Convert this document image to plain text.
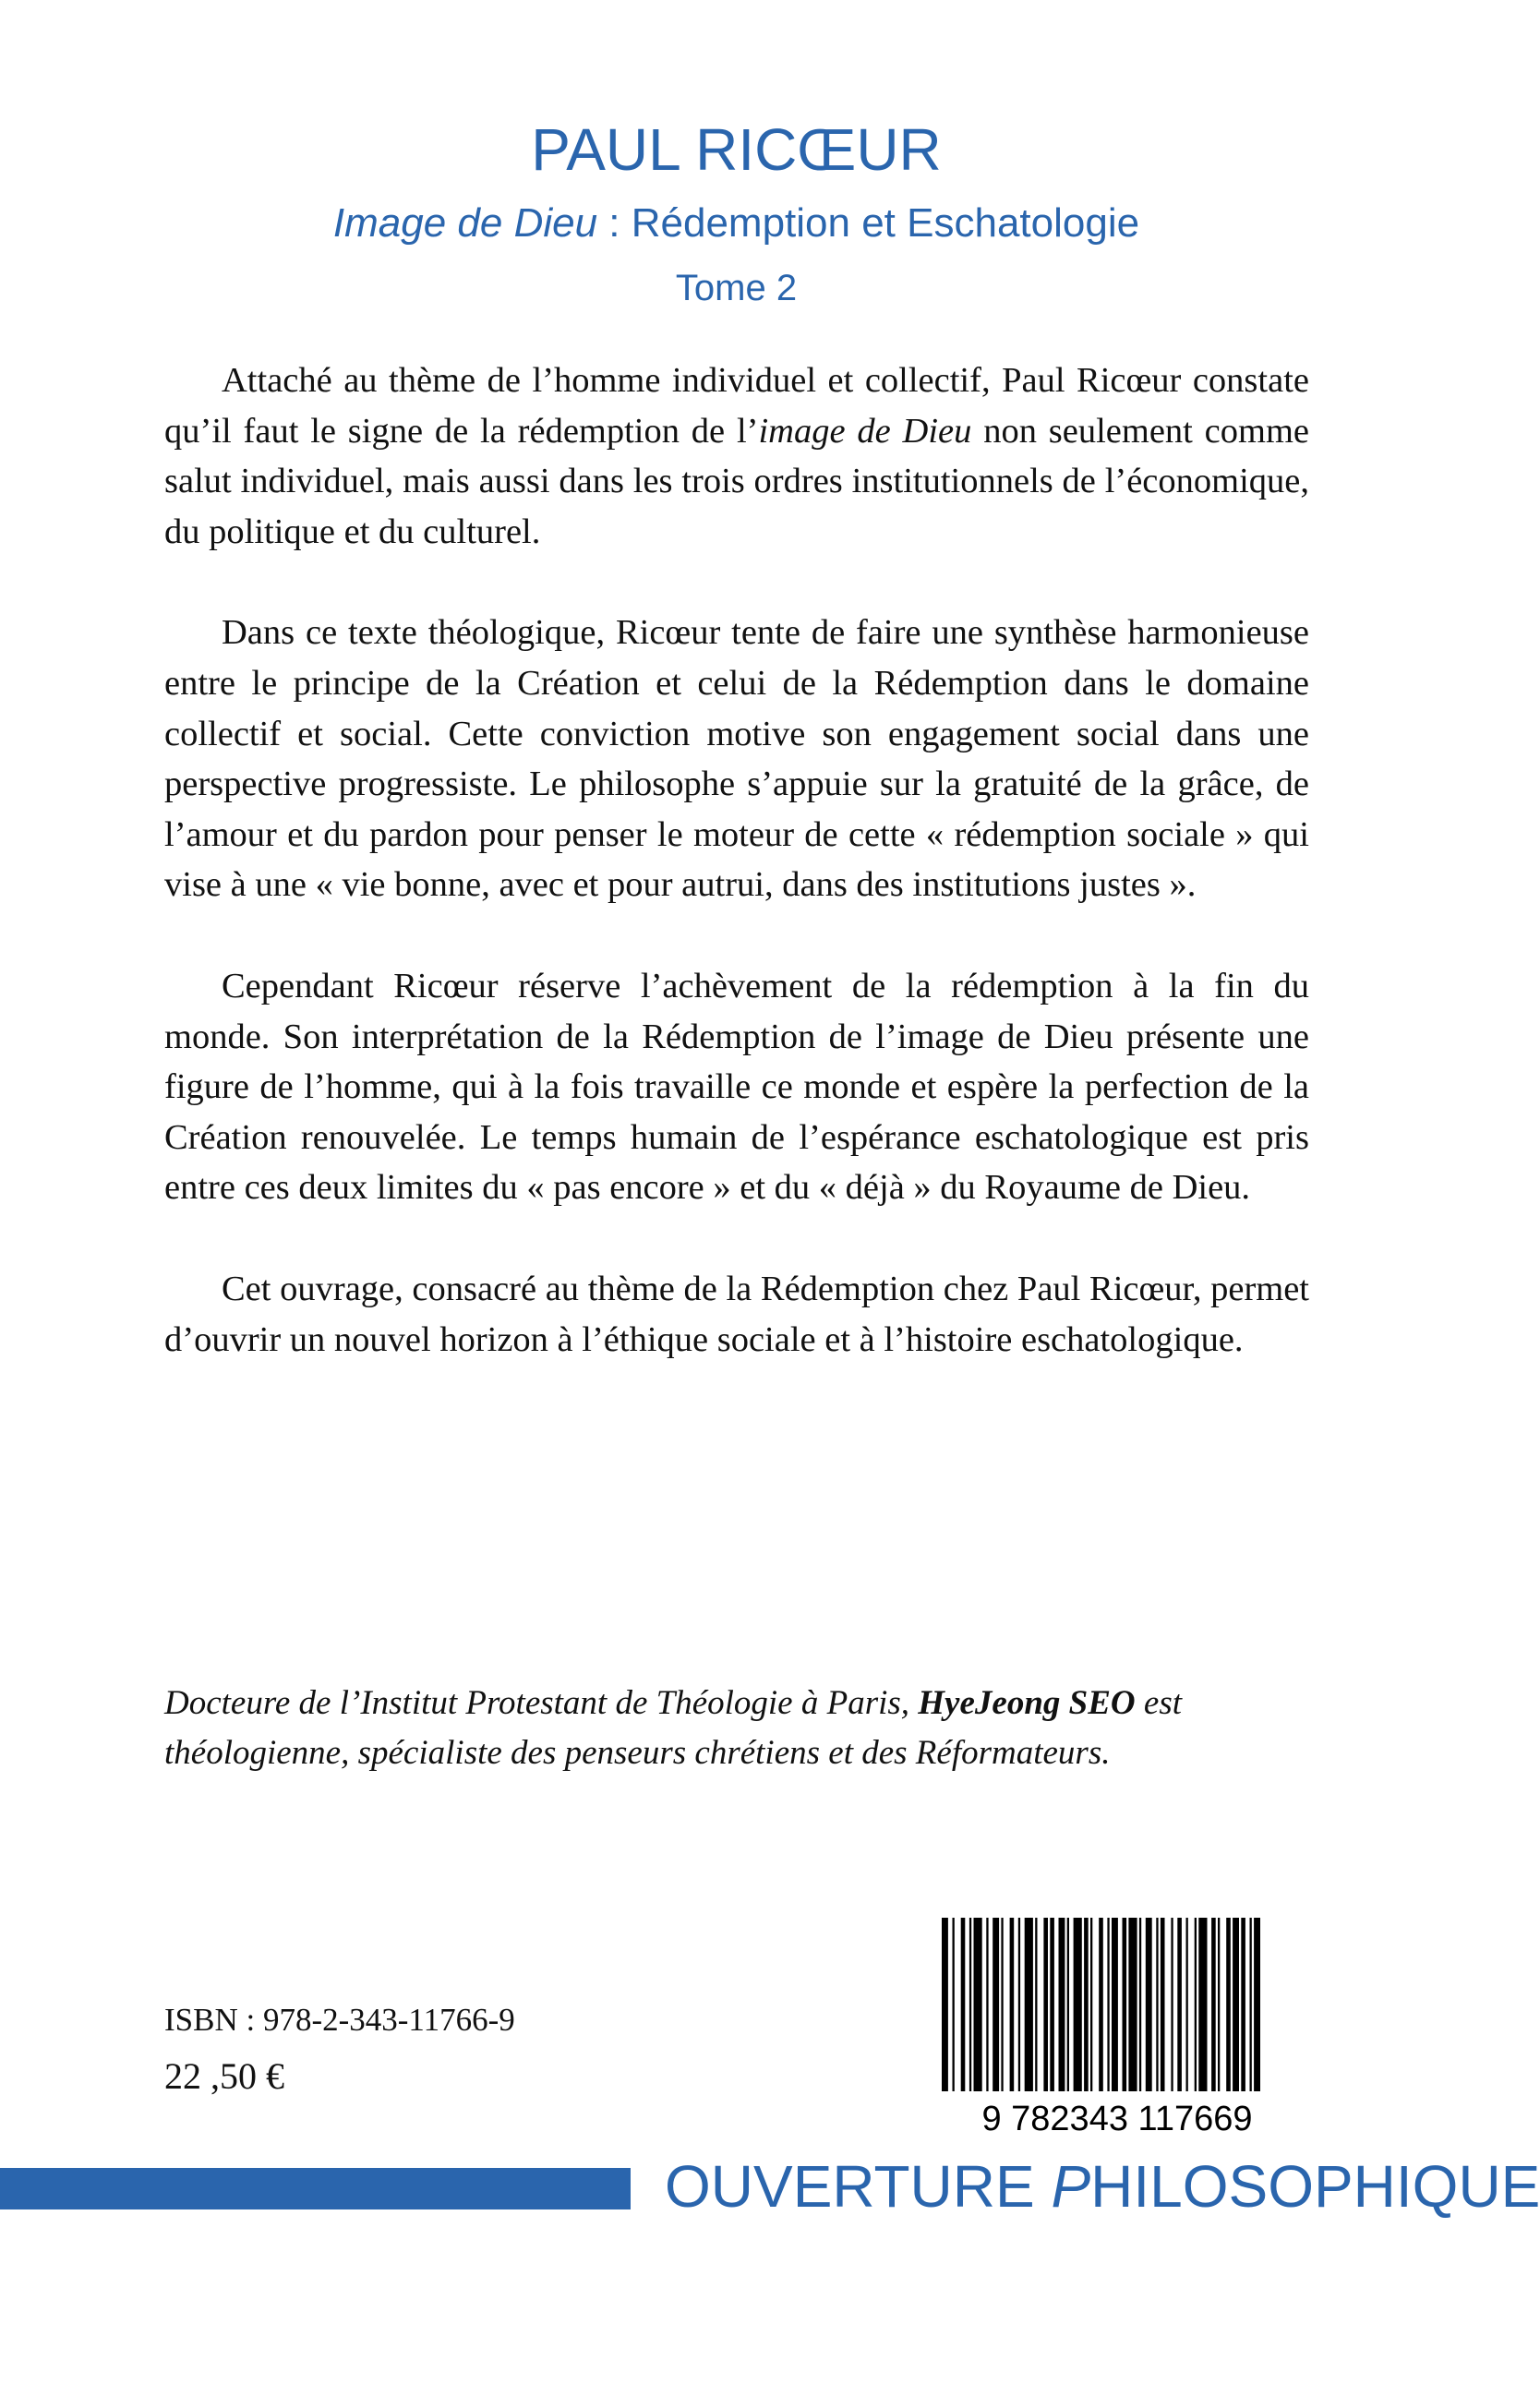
PAUL RICŒUR
Image de Dieu : Rédemption et Eschatologie
Tome 2

Attaché au thème de l’homme individuel et collectif, Paul Ricœur constate qu’il faut le signe de la rédemption de l’image de Dieu non seulement comme salut individuel, mais aussi dans les trois ordres institutionnels de l’économique, du politique et du culturel.

Dans ce texte théologique, Ricœur tente de faire une synthèse harmonieuse entre le principe de la Création et celui de la Rédemption dans le domaine collectif et social. Cette conviction motive son engagement social dans une perspective progressiste. Le philosophe s’appuie sur la gratuité de la grâce, de l’amour et du pardon pour penser le moteur de cette « rédemption sociale » qui vise à une « vie bonne, avec et pour autrui, dans des institutions justes ».

Cependant Ricœur réserve l’achèvement de la rédemption à la fin du monde. Son interprétation de la Rédemption de l’image de Dieu présente une figure de l’homme, qui à la fois travaille ce monde et espère la perfection de la Création renouvelée. Le temps humain de l’espérance eschatologique est pris entre ces deux limites du « pas encore » et du « déjà » du Royaume de Dieu.

Cet ouvrage, consacré au thème de la Rédemption chez Paul Ricœur, permet d’ouvrir un nouvel horizon à l’éthique sociale et à l’histoire eschatologique.

Docteure de l’Institut Protestant de Théologie à Paris, HyeJeong SEO est théologienne, spécialiste des penseurs chrétiens et des Réformateurs.
ISBN : 978-2-343-11766-9
22 ,50 €
9 782343 117669
OUVERTURE PHILOSOPHIQUE
